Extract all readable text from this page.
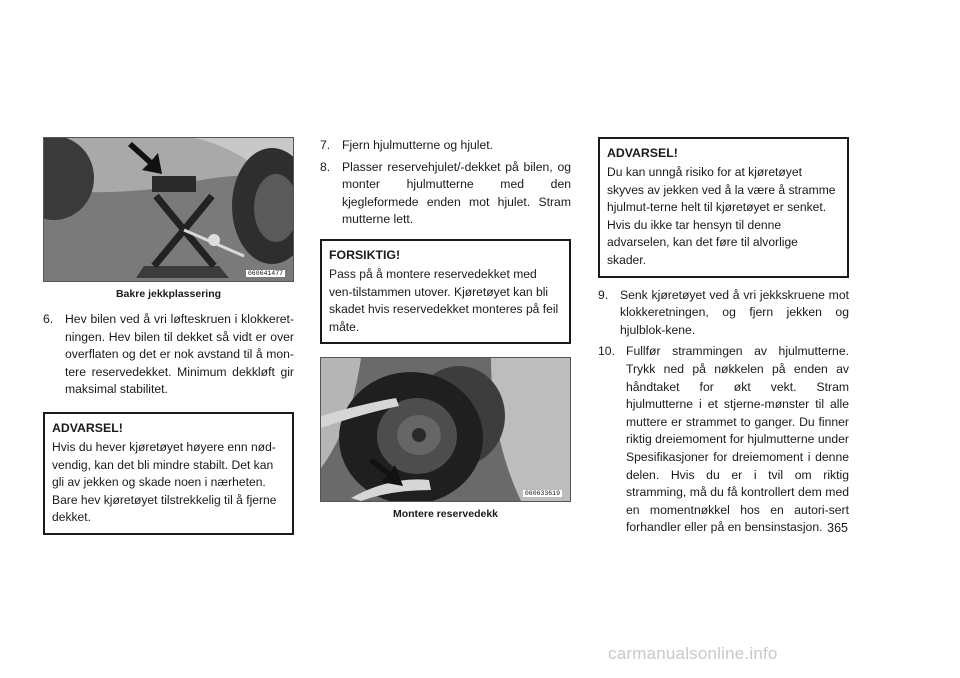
060641477

Bakre jekkplassering

6. Hev bilen ved å vri løfteskruen i klokkeret-ningen. Hev bilen til dekket så vidt er over overflaten og det er nok avstand til å mon-tere reservedekket. Minimum dekkløft gir maksimal stabilitet.

ADVARSEL!

Hvis du hever kjøretøyet høyere enn nød-vendig, kan det bli mindre stabilt. Det kan gli av jekken og skade noen i nærheten. Bare hev kjøretøyet tilstrekkelig til å fjerne dekket.

7. Fjern hjulmutterne og hjulet.
8. Plasser reservehjulet/-dekket på bilen, og monter hjulmutterne med den kjegleformede enden mot hjulet. Stram mutterne lett.

FORSIKTIG!

Pass på å montere reservedekket med ven-tilstammen utover. Kjøretøyet kan bli skadet hvis reservedekket monteres på feil måte.

060633619

Montere reservedekk

ADVARSEL!

Du kan unngå risiko for at kjøretøyet skyves av jekken ved å la være å stramme hjulmut-terne helt til kjøretøyet er senket. Hvis du ikke tar hensyn til denne advarselen, kan det føre til alvorlige skader.

9. Senk kjøretøyet ved å vri jekkskruene mot klokkeretningen, og fjern jekken og hjulblok-kene.
10. Fullfør strammingen av hjulmutterne. Trykk ned på nøkkelen på enden av håndtaket for økt vekt. Stram hjulmutterne i et stjerne-mønster til alle muttere er strammet to ganger. Du finner riktig dreiemoment for hjulmutterne under Spesifikasjoner for dreiemoment i denne delen. Hvis du er i tvil om riktig stramming, må du få kontrollert dem med en momentnøkkel hos en autori-sert forhandler eller på en bensinstasjon. 365
carmanualsonline.info
